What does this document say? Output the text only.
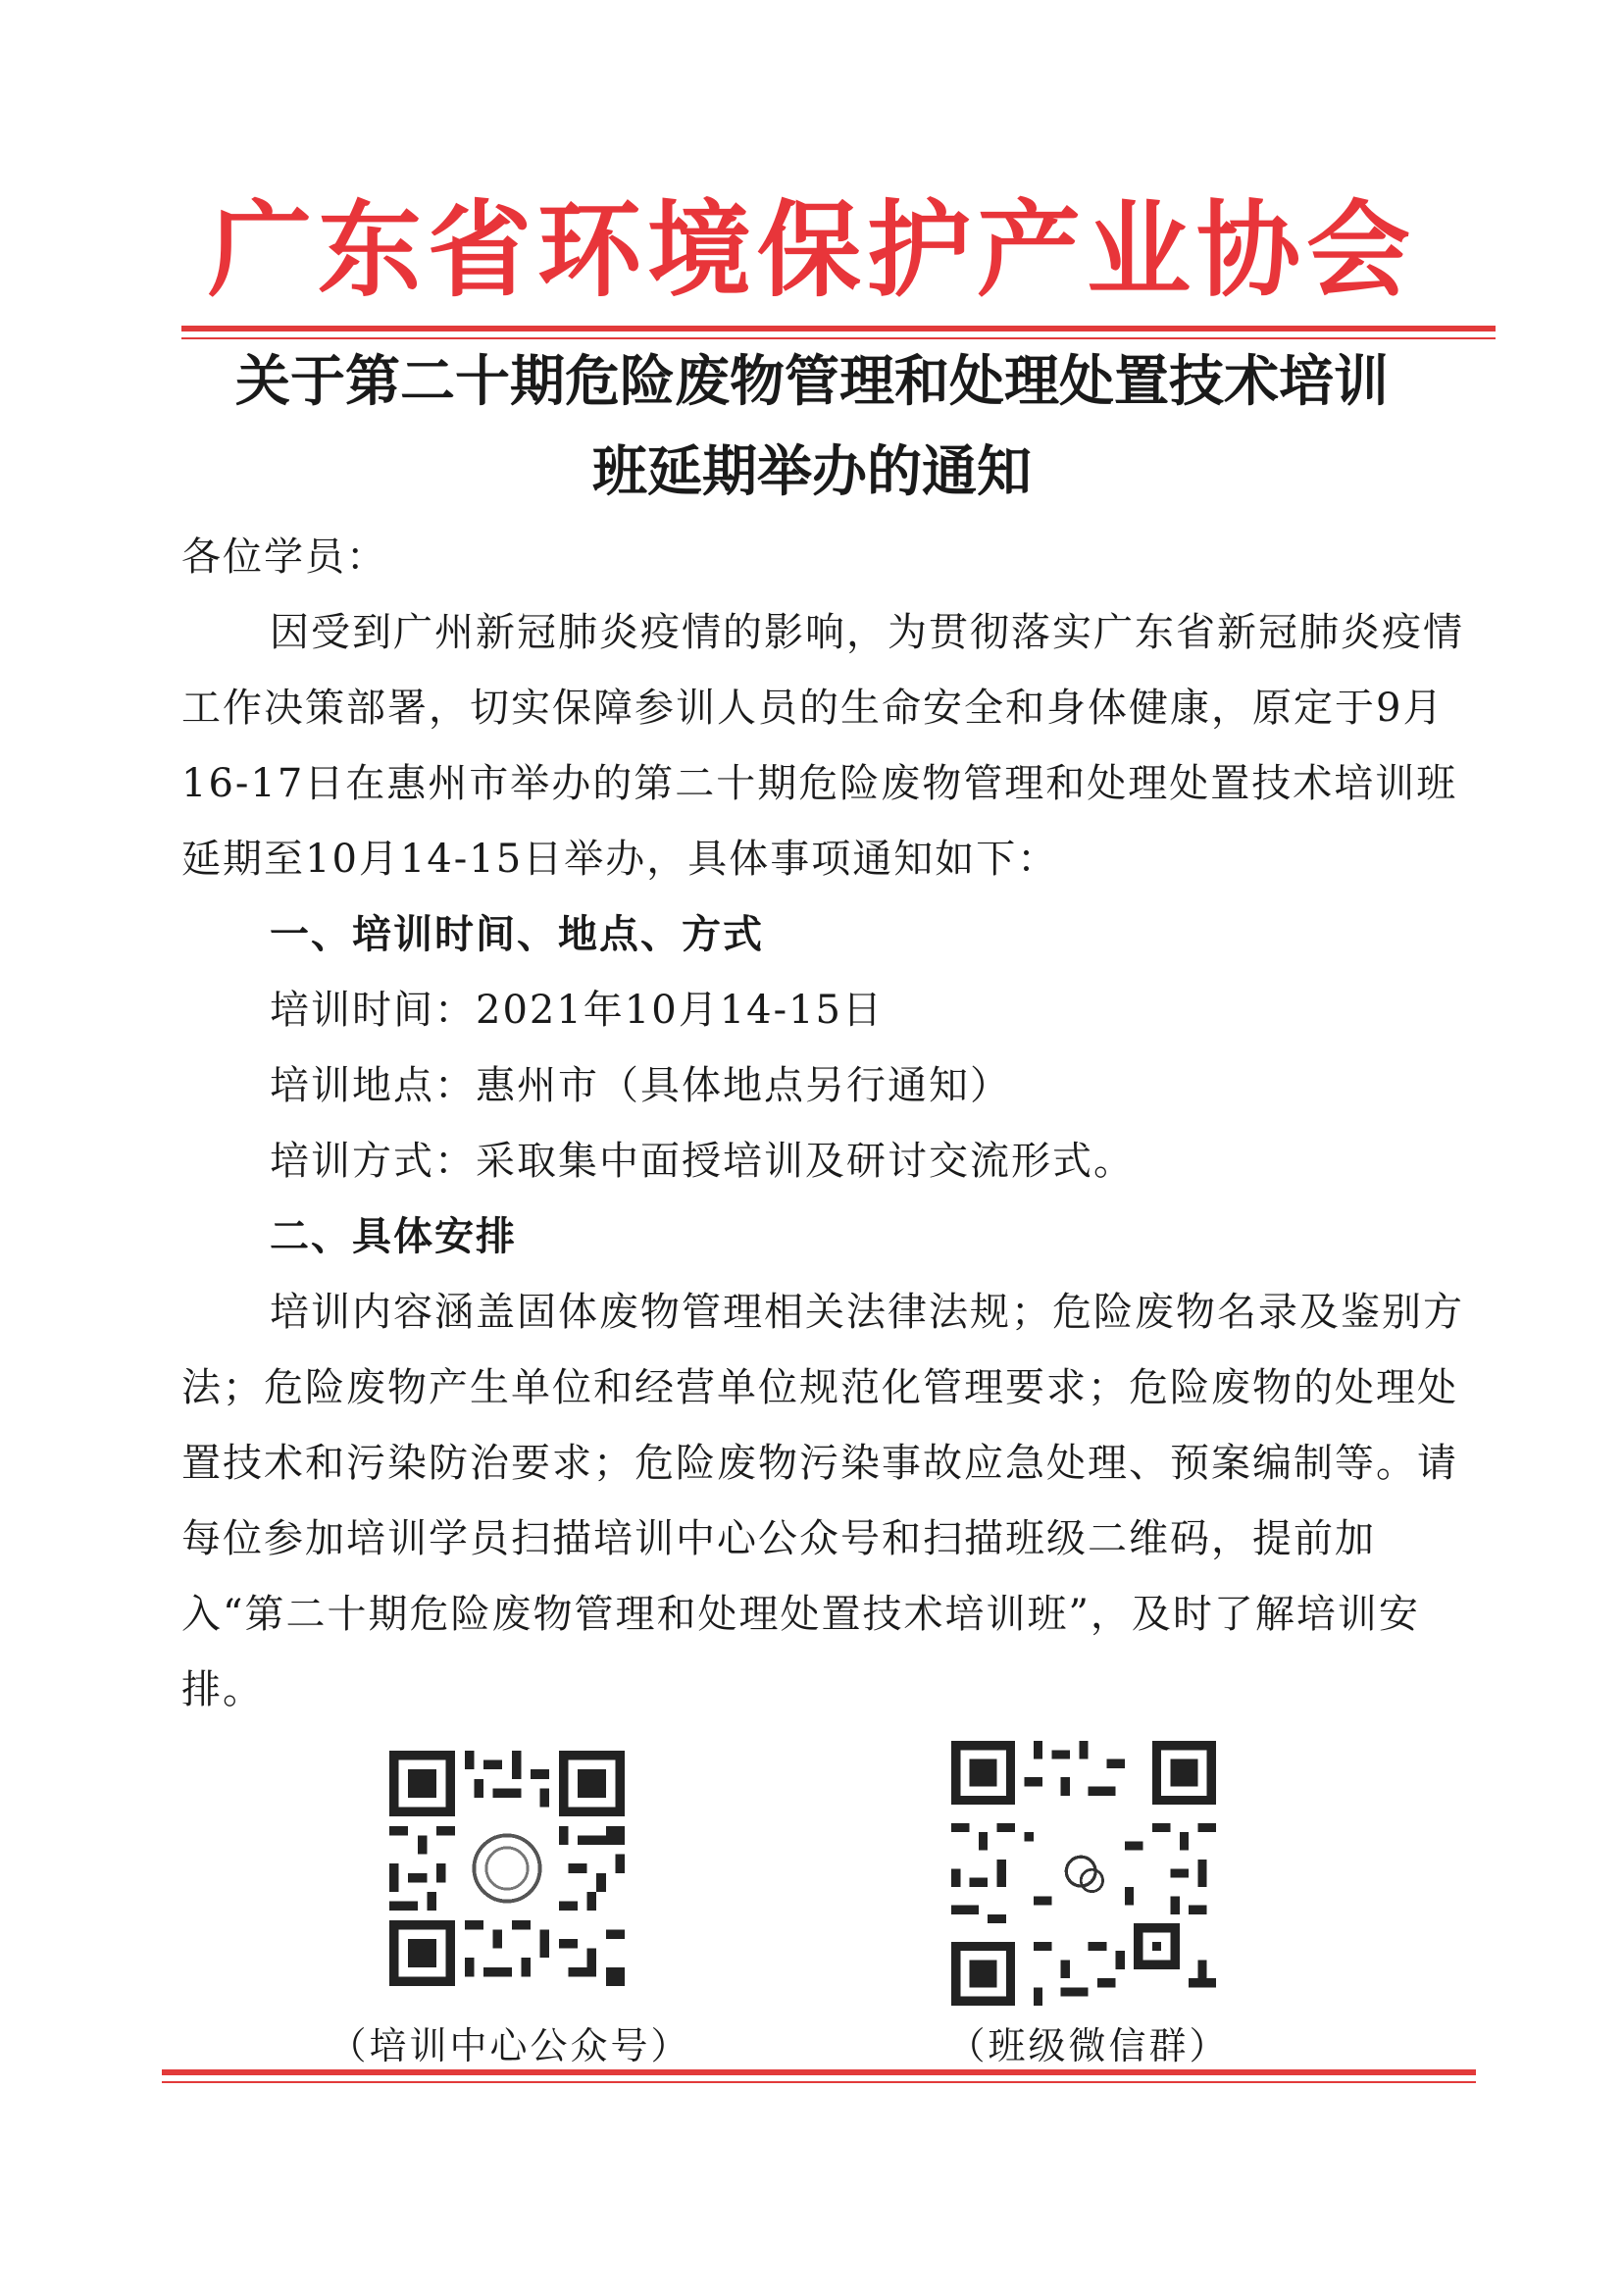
广东省环境保护产业协会
关于第二十期危险废物管理和处理处置技术培训
班延期举办的通知

各位学员：

因受到广州新冠肺炎疫情的影响，为贯彻落实广东省新冠肺炎疫情工作决策部署，切实保障参训人员的生命安全和身体健康，原定于9月16-17日在惠州市举办的第二十期危险废物管理和处理处置技术培训班延期至10月14-15日举办，具体事项通知如下：

一、培训时间、地点、方式

培训时间：2021年10月14-15日

培训地点：惠州市（具体地点另行通知）

培训方式：采取集中面授培训及研讨交流形式。

二、具体安排

培训内容涵盖固体废物管理相关法律法规；危险废物名录及鉴别方法；危险废物产生单位和经营单位规范化管理要求；危险废物的处理处置技术和污染防治要求；危险废物污染事故应急处理、预案编制等。请每位参加培训学员扫描培训中心公众号和扫描班级二维码，提前加入“第二十期危险废物管理和处理处置技术培训班”，及时了解培训安排。

（培训中心公众号）	（班级微信群）
